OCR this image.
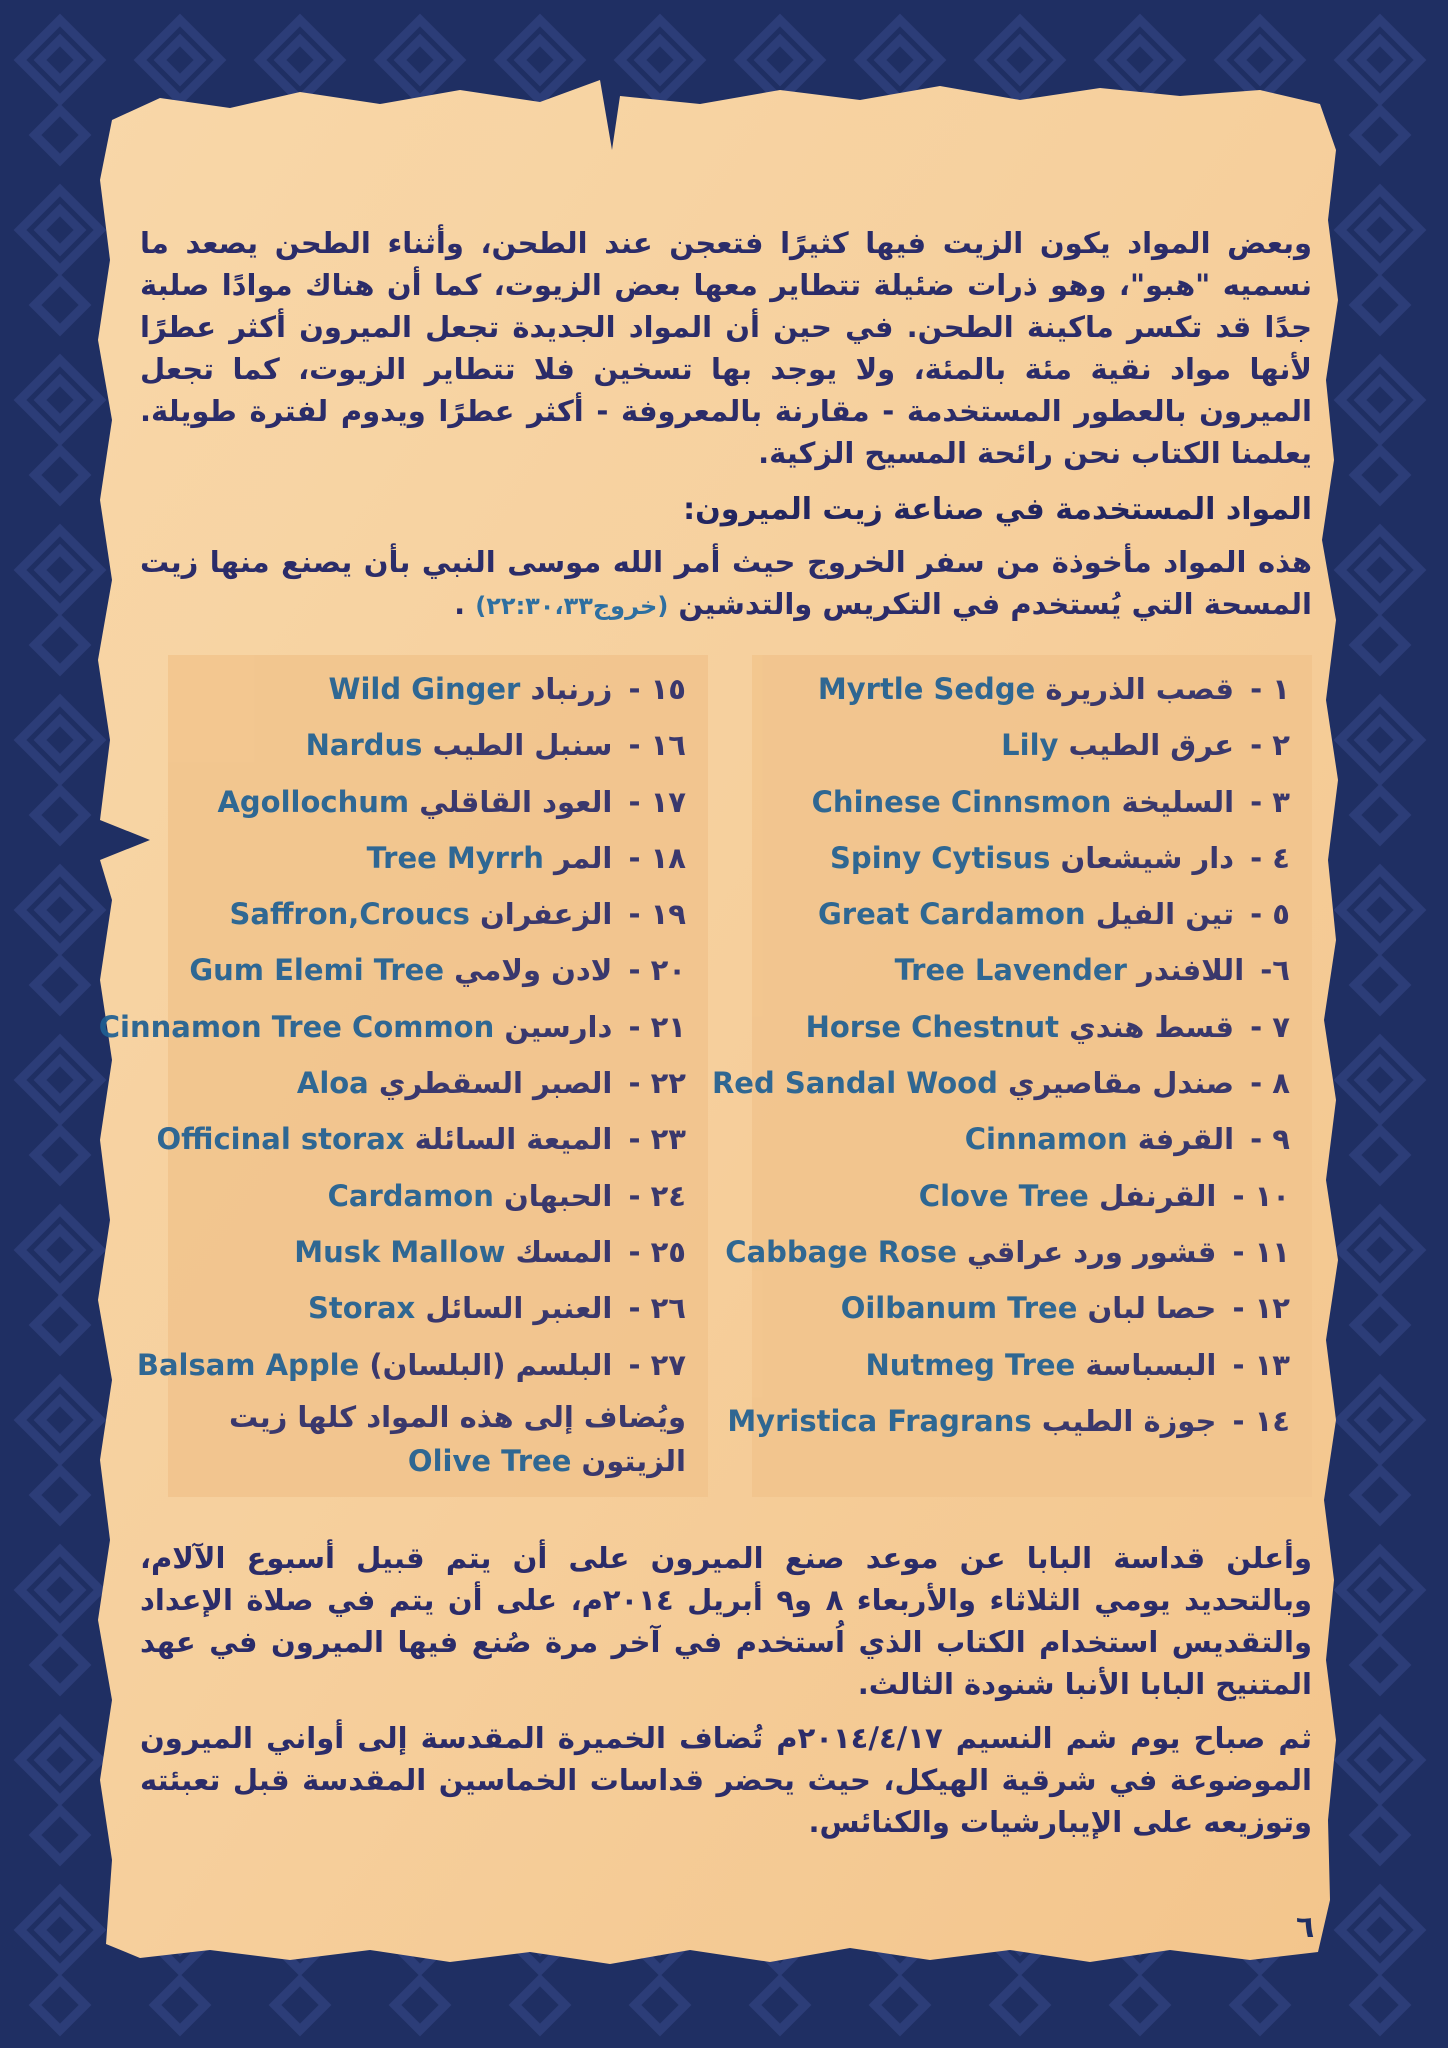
وبعض المواد يكون الزيت فيها كثيرًا فتعجن عند الطحن، وأثناء الطحن يصعد ما نسميه "هبو"، وهو ذرات ضئيلة تتطاير معها بعض الزيوت، كما أن هناك موادًا صلبة جدًا قد تكسر ماكينة الطحن. في حين أن المواد الجديدة تجعل الميرون أكثر عطرًا لأنها مواد نقية مئة بالمئة، ولا يوجد بها تسخين فلا تتطاير الزيوت، كما تجعل الميرون بالعطور المستخدمة - مقارنة بالمعروفة - أكثر عطرًا ويدوم لفترة طويلة. يعلمنا الكتاب نحن رائحة المسيح الزكية.

المواد المستخدمة في صناعة زيت الميرون:

هذه المواد مأخوذة من سفر الخروج حيث أمر الله موسى النبي بأن يصنع منها زيت المسحة التي يُستخدم في التكريس والتدشين (خروج٢٢:٣٠،٣٣) .

١ - قصب الذريرة Myrtle Sedge
٢ - عرق الطيب Lily
٣ - السليخة Chinese Cinnsmon
٤ - دار شيشعان Spiny Cytisus
٥ - تين الفيل Great Cardamon
٦- اللافندر Tree Lavender
٧ - قسط هندي Horse Chestnut
٨ - صندل مقاصيري Red Sandal Wood
٩ - القرفة Cinnamon
١٠ - القرنفل Clove Tree
١١ - قشور ورد عراقي Cabbage Rose
١٢ - حصا لبان Oilbanum Tree
١٣ - البسباسة Nutmeg Tree
١٤ - جوزة الطيب Myristica Fragrans
١٥ - زرنباد Wild Ginger
١٦ - سنبل الطيب Nardus
١٧ - العود القاقلي Agollochum
١٨ - المر Tree Myrrh
١٩ - الزعفران Saffron,Croucs
٢٠ - لادن ولامي Gum Elemi Tree
٢١ - دارسين Cinnamon Tree Common
٢٢ - الصبر السقطري Aloa
٢٣ - الميعة السائلة Officinal storax
٢٤ - الحبهان Cardamon
٢٥ - المسك Musk Mallow
٢٦ - العنبر السائل Storax
٢٧ - البلسم (البلسان) Balsam Apple
ويُضاف إلى هذه المواد كلها زيت الزيتون Olive Tree

وأعلن قداسة البابا عن موعد صنع الميرون على أن يتم قبيل أسبوع الآلام، وبالتحديد يومي الثلاثاء والأربعاء ٨ و٩ أبريل ٢٠١٤م، على أن يتم في صلاة الإعداد والتقديس استخدام الكتاب الذي اُستخدم في آخر مرة صُنع فيها الميرون في عهد المتنيح البابا الأنبا شنودة الثالث.

ثم صباح يوم شم النسيم ٢٠١٤/٤/١٧م تُضاف الخميرة المقدسة إلى أواني الميرون الموضوعة في شرقية الهيكل، حيث يحضر قداسات الخماسين المقدسة قبل تعبئته وتوزيعه على الإيبارشيات والكنائس.

٦
